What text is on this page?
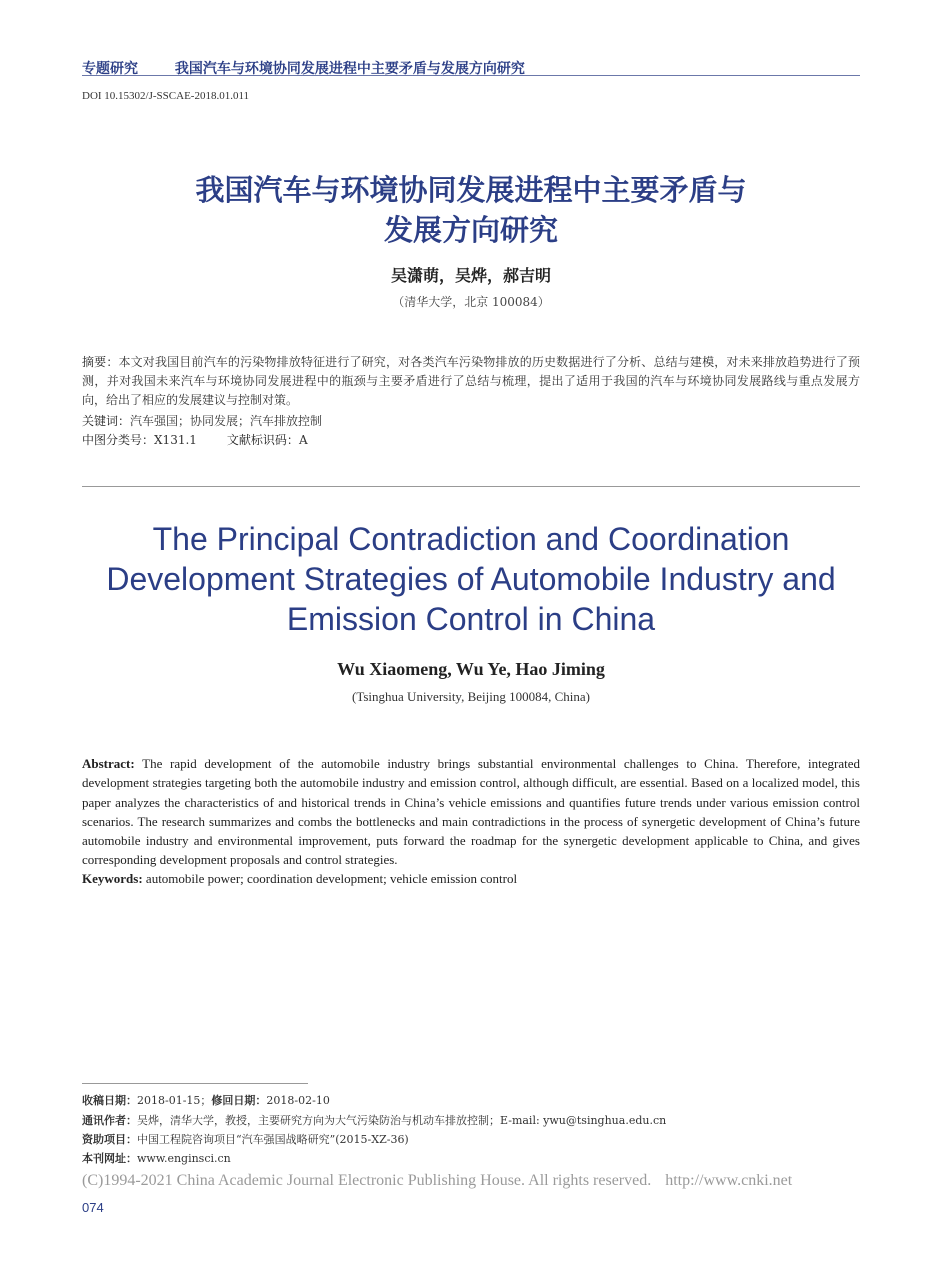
专题研究	我国汽车与环境协同发展进程中主要矛盾与发展方向研究
DOI 10.15302/J-SSCAE-2018.01.011
我国汽车与环境协同发展进程中主要矛盾与
发展方向研究
吴潇萌，吴烨，郝吉明
（清华大学，北京 100084）
摘要：本文对我国目前汽车的污染物排放特征进行了研究，对各类汽车污染物排放的历史数据进行了分析、总结与建模，对未来排放趋势进行了预测，并对我国未来汽车与环境协同发展进程中的瓶颈与主要矛盾进行了总结与梳理，提出了适用于我国的汽车与环境协同发展路线与重点发展方向，给出了相应的发展建议与控制对策。
关键词：汽车强国；协同发展；汽车排放控制
中图分类号：X131.1	文献标识码：A
The Principal Contradiction and Coordination
Development Strategies of Automobile Industry and
Emission Control in China
Wu Xiaomeng, Wu Ye, Hao Jiming
(Tsinghua University, Beijing 100084, China)
Abstract: The rapid development of the automobile industry brings substantial environmental challenges to China. Therefore, integrated development strategies targeting both the automobile industry and emission control, although difficult, are essential. Based on a localized model, this paper analyzes the characteristics of and historical trends in China’s vehicle emissions and quantifies future trends under various emission control scenarios. The research summarizes and combs the bottlenecks and main contradictions in the process of synergetic development of China’s future automobile industry and environmental improvement, puts forward the roadmap for the synergetic development applicable to China, and gives corresponding development proposals and control strategies.
Keywords: automobile power; coordination development; vehicle emission control
收稿日期：2018-01-15；修回日期：2018-02-10
通讯作者：吴烨，清华大学，教授，主要研究方向为大气污染防治与机动车排放控制；E-mail: ywu@tsinghua.edu.cn
资助项目：中国工程院咨询项目“汽车强国战略研究”(2015-XZ-36)
本刊网址：www.enginsci.cn
(C)1994-2021 China Academic Journal Electronic Publishing House. All rights reserved. http://www.cnki.net
074
